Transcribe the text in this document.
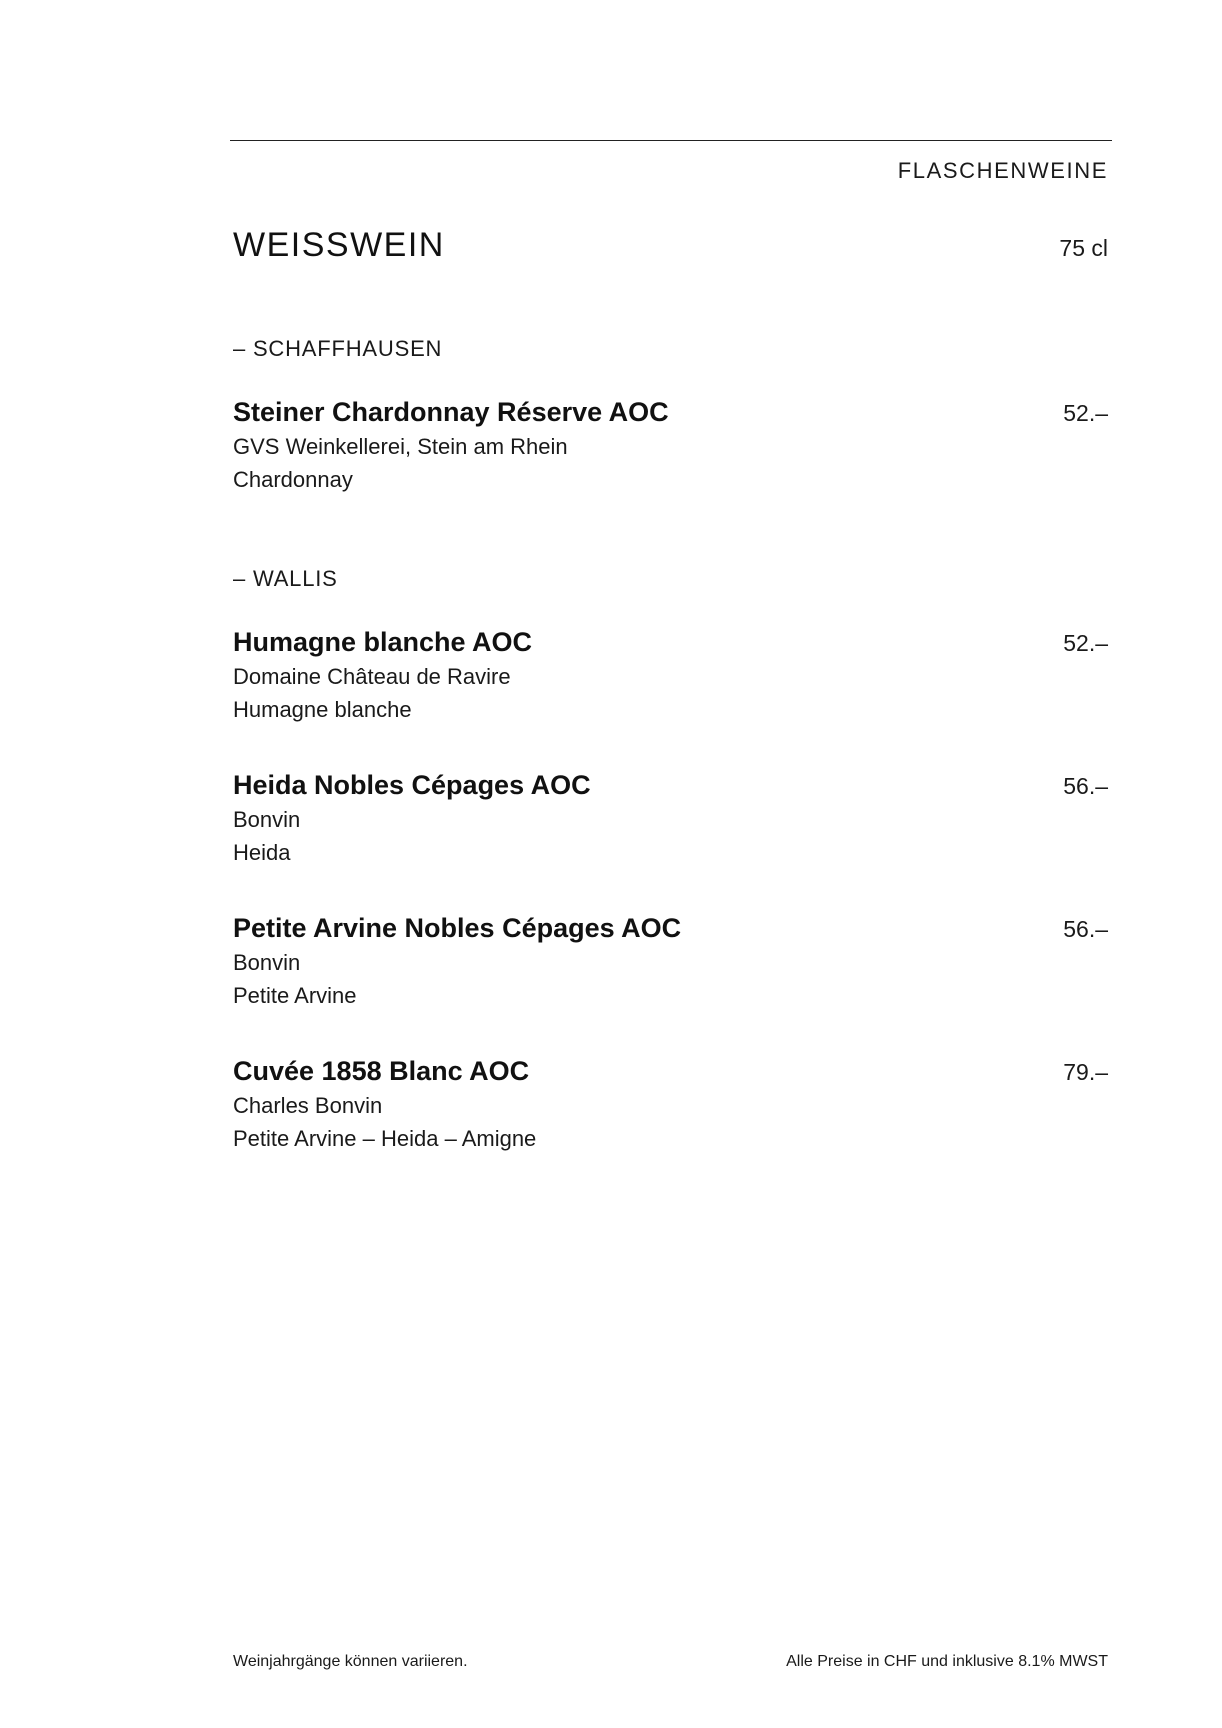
FLASCHENWEINE
WEISSWEIN	75 cl
– SCHAFFHAUSEN
Steiner Chardonnay Réserve AOC	52.–
GVS Weinkellerei, Stein am Rhein
Chardonnay
– WALLIS
Humagne blanche AOC	52.–
Domaine Château de Ravire
Humagne blanche
Heida Nobles Cépages AOC	56.–
Bonvin
Heida
Petite Arvine Nobles Cépages AOC	56.–
Bonvin
Petite Arvine
Cuvée 1858 Blanc AOC	79.–
Charles Bonvin
Petite Arvine – Heida – Amigne
Weinjahrgänge können variieren.	Alle Preise in CHF und inklusive 8.1% MWST
